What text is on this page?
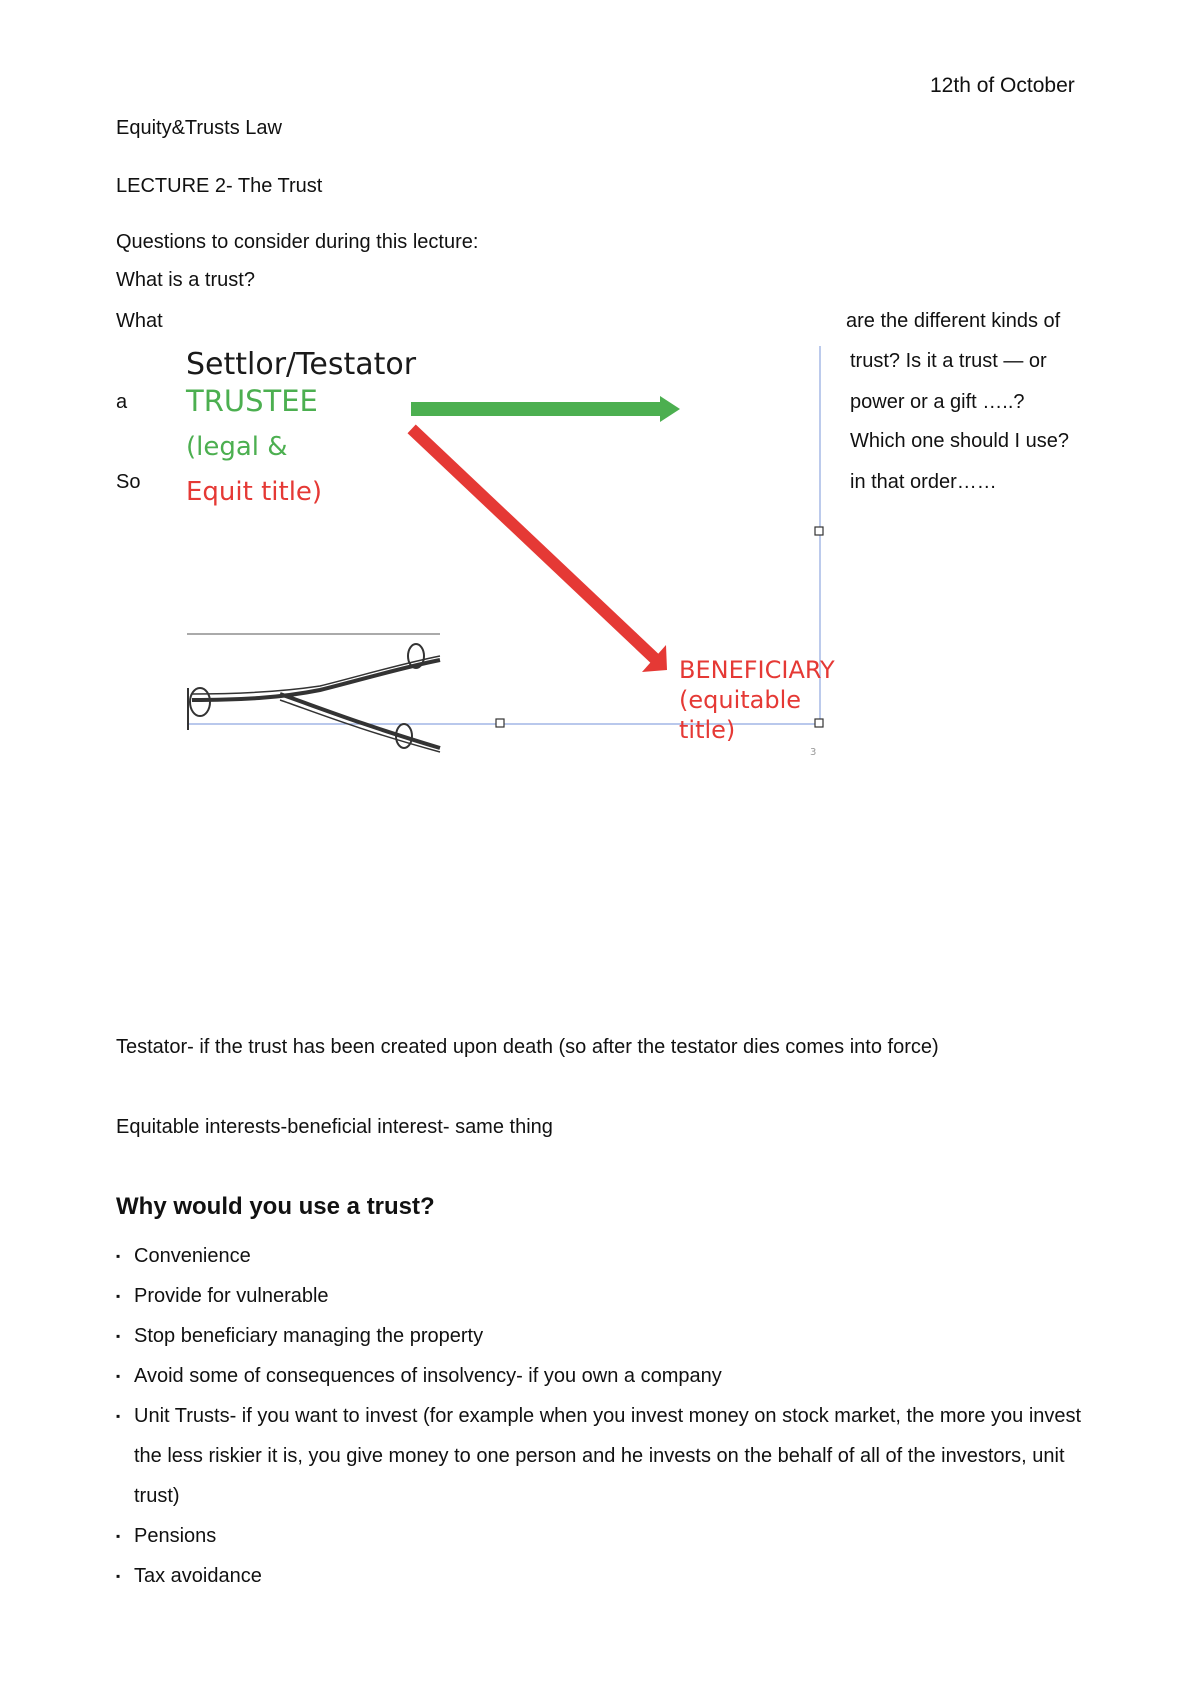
12th of October
Equity&Trusts Law
LECTURE 2- The Trust
Questions to consider during this lecture:
What is a trust?
What	are the different kinds of
trust? Is it a trust — or
a	power or a gift …..?
Which one should I use?
So	in that order……
Settlor/Testator
TRUSTEE
(legal &
Equit title)
BENEFICIARY
(equitable
title)
3
Testator- if the trust has been created upon death (so after the testator dies comes into force)
Equitable interests-beneficial interest- same thing
Why would you use a trust?
▪ Convenience
▪ Provide for vulnerable
▪ Stop beneficiary managing the property
▪ Avoid some of consequences of insolvency- if you own a company
▪ Unit Trusts- if you want to invest (for example when you invest money on stock market, the more you invest the less riskier it is, you give money to one person and he invests on the behalf of all of the investors, unit trust)
▪ Pensions
▪ Tax avoidance
